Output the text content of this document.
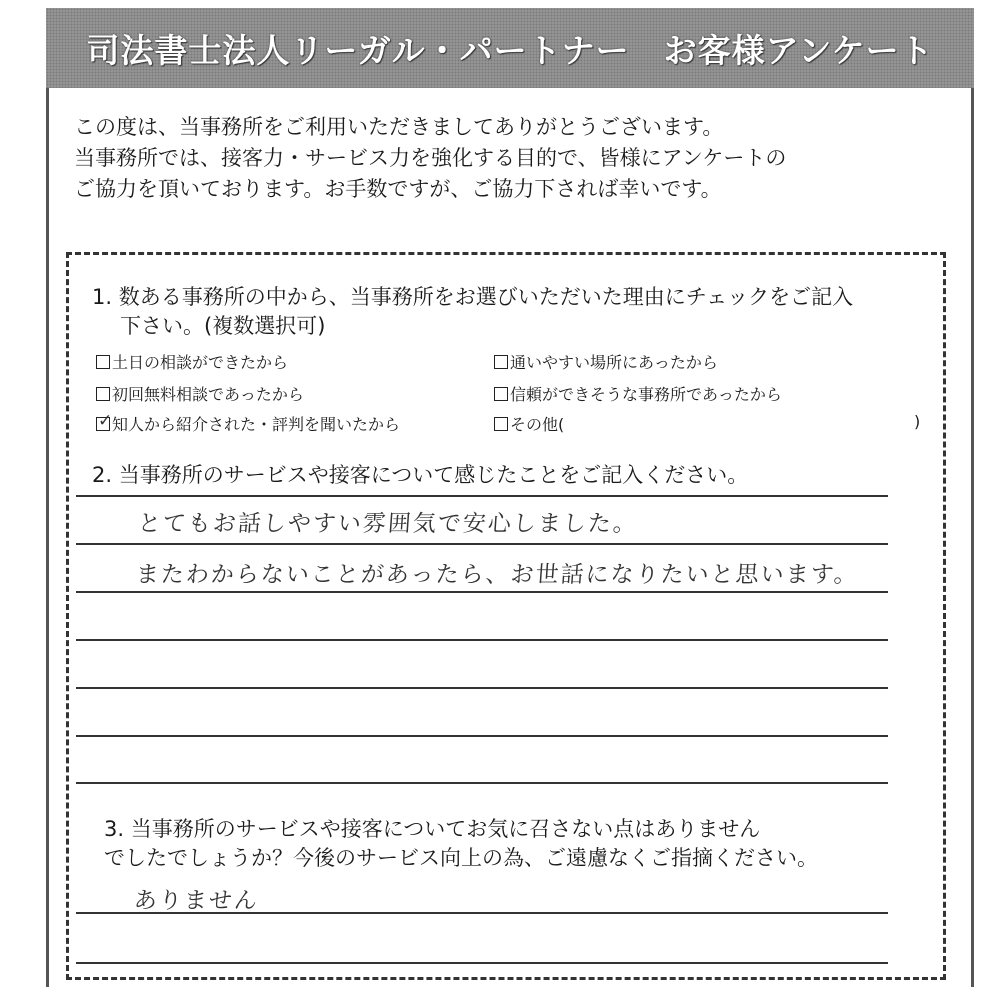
司法書士法人リーガル・パートナー　お客様アンケート
この度は、当事務所をご利用いただきましてありがとうございます。
当事務所では、接客力・サービス力を強化する目的で、皆様にアンケートの
ご協力を頂いております。お手数ですが、ご協力下されば幸いです。
1. 数ある事務所の中から、当事務所をお選びいただいた理由にチェックをご記入
下さい。(複数選択可)
土日の相談ができたから	通いやすい場所にあったから
初回無料相談であったから	信頼ができそうな事務所であったから
✓ 知人から紹介された・評判を聞いたから	その他(	)
2. 当事務所のサービスや接客について感じたことをご記入ください。
とてもお話しやすい雰囲気で安心しました。
またわからないことがあったら、お世話になりたいと思います。
3. 当事務所のサービスや接客についてお気に召さない点はありません
でしたでしょうか？今後のサービス向上の為、ご遠慮なくご指摘ください。
ありません
